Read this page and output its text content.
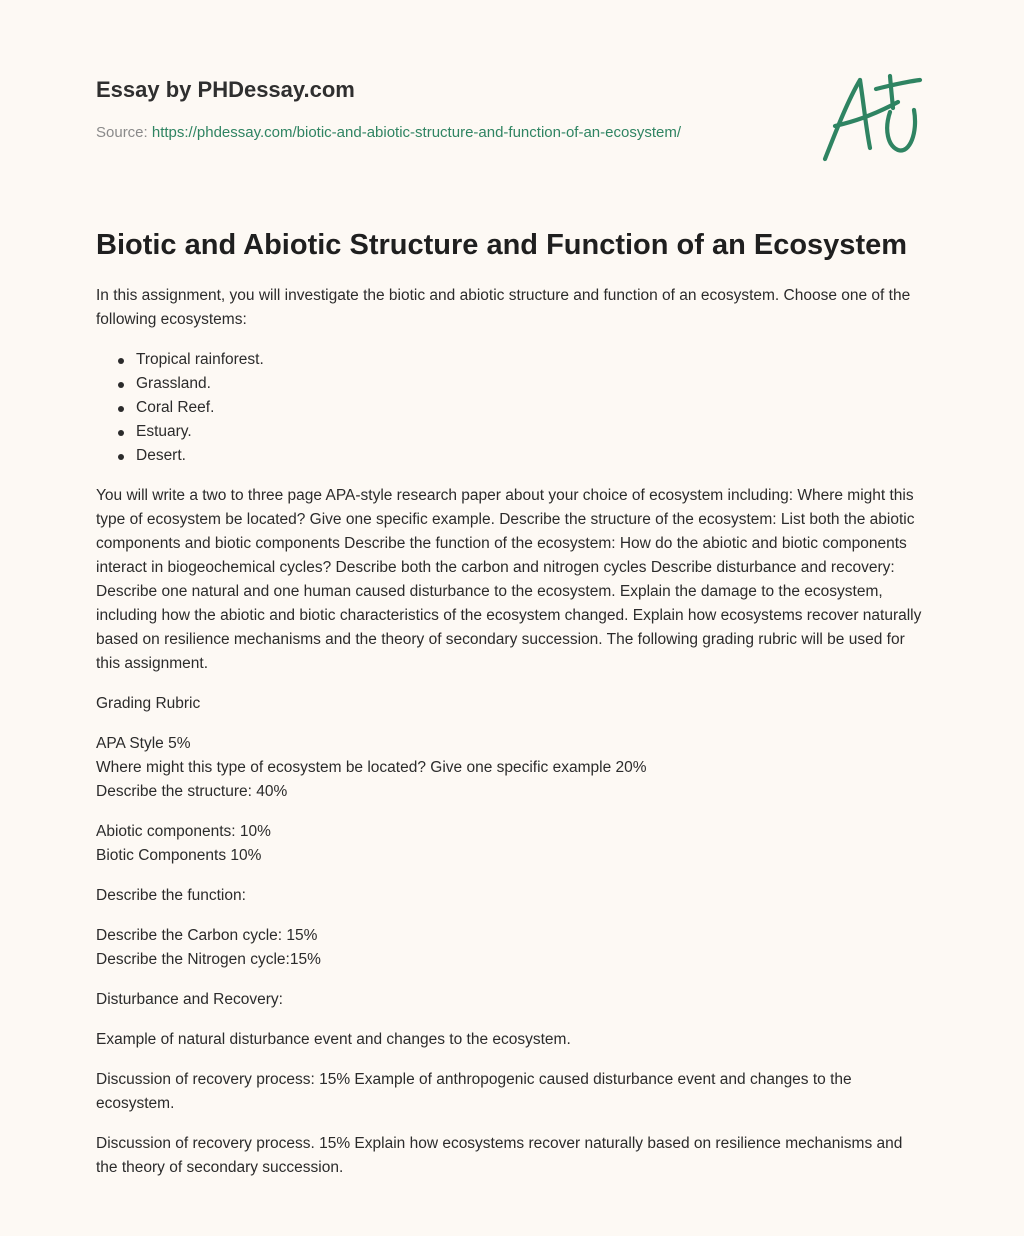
Essay by PHDessay.com
Source: https://phdessay.com/biotic-and-abiotic-structure-and-function-of-an-ecosystem/
Biotic and Abiotic Structure and Function of an Ecosystem

In this assignment, you will investigate the biotic and abiotic structure and function of an ecosystem. Choose one of the following ecosystems:

Tropical rainforest.
Grassland.
Coral Reef.
Estuary.
Desert.

You will write a two to three page APA-style research paper about your choice of ecosystem including: Where might this type of ecosystem be located? Give one specific example. Describe the structure of the ecosystem: List both the abiotic components and biotic components Describe the function of the ecosystem: How do the abiotic and biotic components interact in biogeochemical cycles? Describe both the carbon and nitrogen cycles Describe disturbance and recovery: Describe one natural and one human caused disturbance to the ecosystem. Explain the damage to the ecosystem, including how the abiotic and biotic characteristics of the ecosystem changed. Explain how ecosystems recover naturally based on resilience mechanisms and the theory of secondary succession. The following grading rubric will be used for this assignment.

Grading Rubric

APA Style 5%
Where might this type of ecosystem be located? Give one specific example 20%
Describe the structure: 40%

Abiotic components: 10%
Biotic Components 10%

Describe the function:

Describe the Carbon cycle: 15%
Describe the Nitrogen cycle:15%

Disturbance and Recovery:

Example of natural disturbance event and changes to the ecosystem.

Discussion of recovery process: 15% Example of anthropogenic caused disturbance event and changes to the ecosystem.

Discussion of recovery process. 15% Explain how ecosystems recover naturally based on resilience mechanisms and the theory of secondary succession.
